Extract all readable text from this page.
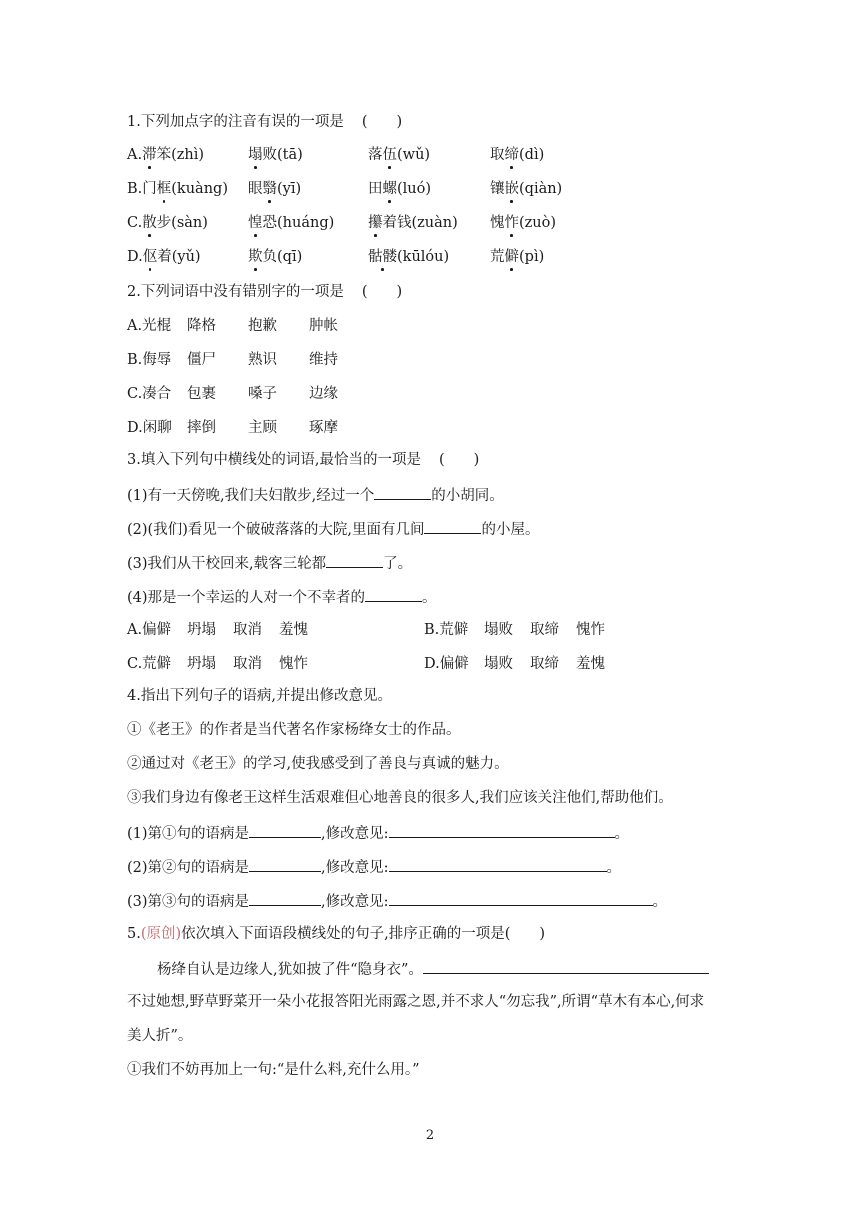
1.下列加点字的注音有误的一项是 (　　)
A.滞笨(zhì)	塌败(tā)	落伍(wǔ)	取缔(dì)
B.门框(kuàng) 眼翳(yī)	田螺(luó)	镶嵌(qiàn)
C.散步(sàn)	惶恐(huáng) 攥着钱(zuàn) 愧怍(zuò)
D.伛着(yǔ)	欺负(qī)	骷髅(kūlóu)	荒僻(pì)
2.下列词语中没有错别字的一项是 (　　)
A.光棍 降格 抱歉 肿帐
B.侮辱 僵尸 熟识 维持
C.凑合 包裹 嗓子 边缘
D.闲聊 摔倒 主顾 琢摩
3.填入下列句中横线处的词语,最恰当的一项是 (　　)
(1)有一天傍晚,我们夫妇散步,经过一个	的小胡同。
(2)(我们)看见一个破破落落的大院,里面有几间	的小屋。
(3)我们从干校回来,载客三轮都	了。
(4)那是一个幸运的人对一个不幸者的	。
A.偏僻 坍塌 取消 羞愧	B.荒僻 塌败 取缔 愧怍
C.荒僻 坍塌 取消 愧怍	D.偏僻 塌败 取缔 羞愧
4.指出下列句子的语病,并提出修改意见。
①《老王》的作者是当代著名作家杨绛女士的作品。
②通过对《老王》的学习,使我感受到了善良与真诚的魅力。
③我们身边有像老王这样生活艰难但心地善良的很多人,我们应该关注他们,帮助他们。
(1)第①句的语病是	,修改意见:	。
(2)第②句的语病是	,修改意见:	。
(3)第③句的语病是	,修改意见:	。
5.(原创)依次填入下面语段横线处的句子,排序正确的一项是(　　)
杨绛自认是边缘人,犹如披了件“隐身衣”。
不过她想,野草野菜开一朵小花报答阳光雨露之恩,并不求人“勿忘我”,所谓“草木有本心,何求
美人折”。
①我们不妨再加上一句:“是什么料,充什么用。”
2
